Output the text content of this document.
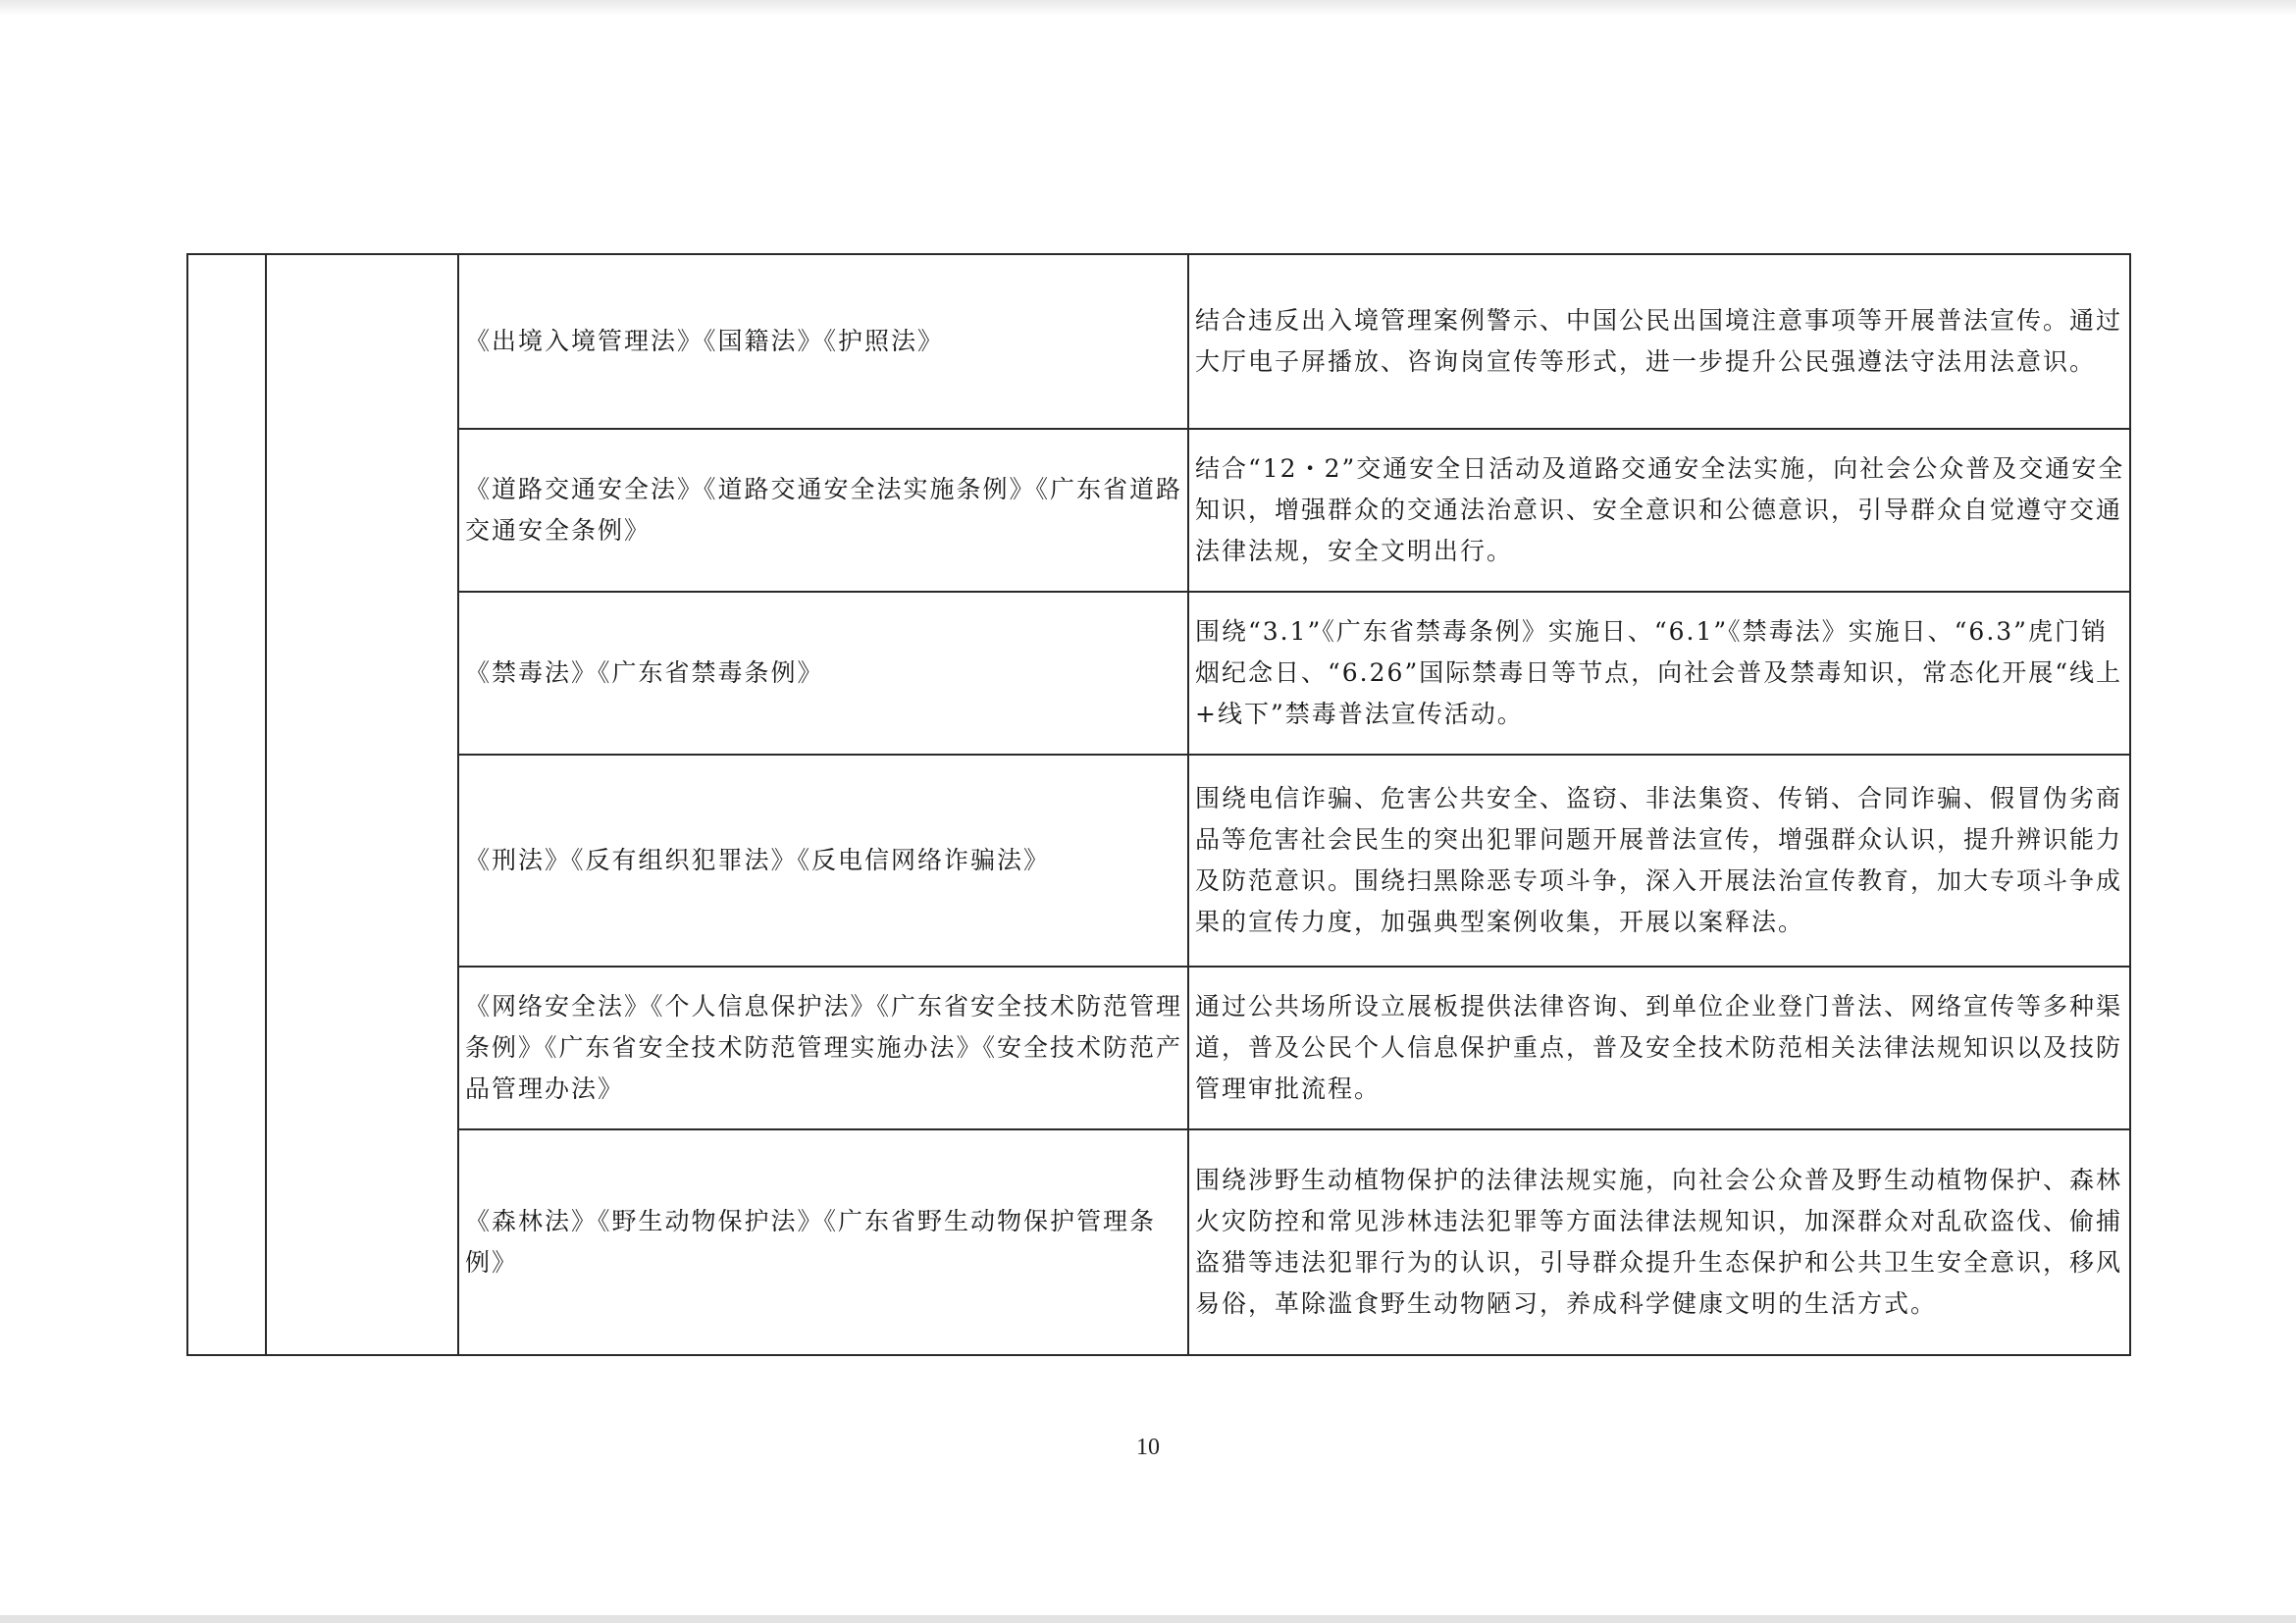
		《出境入境管理法》《国籍法》《护照法》	结合违反出入境管理案例警示、中国公民出国境注意事项等开展普法宣传。通过大厅电子屏播放、咨询岗宣传等形式，进一步提升公民强遵法守法用法意识。
		《道路交通安全法》《道路交通安全法实施条例》《广东省道路交通安全条例》	结合“12・2”交通安全日活动及道路交通安全法实施，向社会公众普及交通安全知识，增强群众的交通法治意识、安全意识和公德意识，引导群众自觉遵守交通法律法规，安全文明出行。
		《禁毒法》《广东省禁毒条例》	围绕“3.1”《广东省禁毒条例》实施日、“6.1”《禁毒法》实施日、“6.3”虎门销烟纪念日、“6.26”国际禁毒日等节点，向社会普及禁毒知识，常态化开展“线上+线下”禁毒普法宣传活动。
		《刑法》《反有组织犯罪法》《反电信网络诈骗法》	围绕电信诈骗、危害公共安全、盗窃、非法集资、传销、合同诈骗、假冒伪劣商品等危害社会民生的突出犯罪问题开展普法宣传，增强群众认识，提升辨识能力及防范意识。围绕扫黑除恶专项斗争，深入开展法治宣传教育，加大专项斗争成果的宣传力度，加强典型案例收集，开展以案释法。
		《网络安全法》《个人信息保护法》《广东省安全技术防范管理条例》《广东省安全技术防范管理实施办法》《安全技术防范产品管理办法》	通过公共场所设立展板提供法律咨询、到单位企业登门普法、网络宣传等多种渠道，普及公民个人信息保护重点，普及安全技术防范相关法律法规知识以及技防管理审批流程。
		《森林法》《野生动物保护法》《广东省野生动物保护管理条例》	围绕涉野生动植物保护的法律法规实施，向社会公众普及野生动植物保护、森林火灾防控和常见涉林违法犯罪等方面法律法规知识，加深群众对乱砍盗伐、偷捕盗猎等违法犯罪行为的认识，引导群众提升生态保护和公共卫生安全意识，移风易俗，革除滥食野生动物陋习，养成科学健康文明的生活方式。
10
